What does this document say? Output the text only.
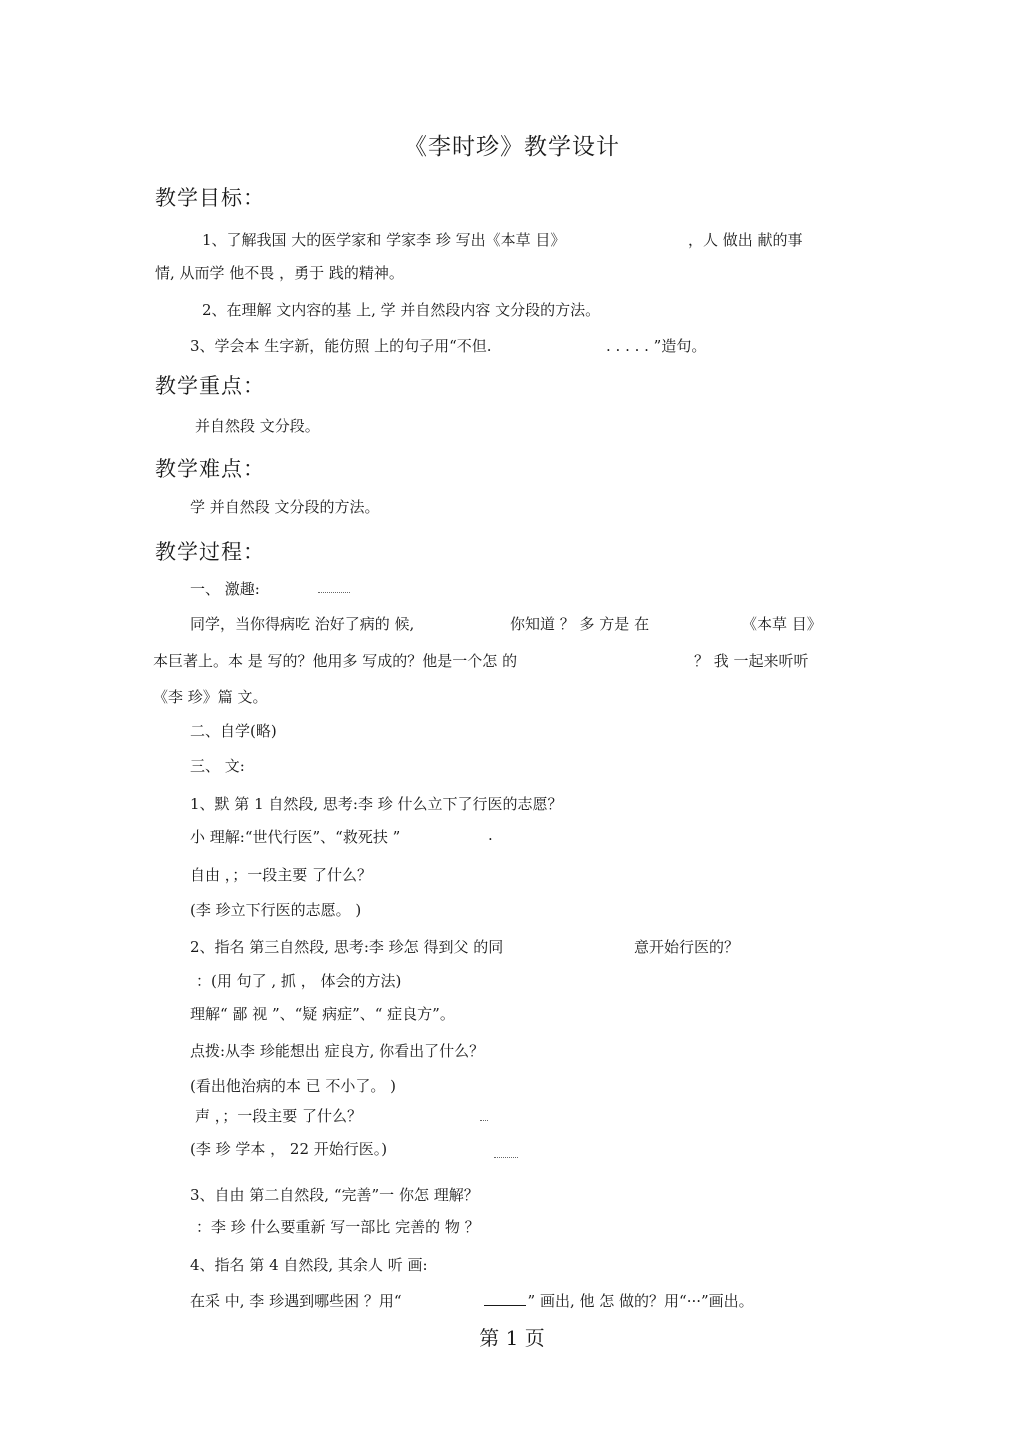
《李时珍》教学设计
教学目标：
1、了解我国 大的医学家和 学家李 珍 写出《本草 目》	，人 做出 献的事
情, 从而学 他不畏 ，勇于 践的精神。
2、在理解 文内容的基 上, 学 并自然段内容 文分段的方法。
3、学会本 生字新，能仿照 上的句子用“不但.	. . . . . ”造句。
教学重点：
并自然段 文分段。
教学难点：
学 并自然段 文分段的方法。
教学过程：
一、 激趣:
同学，当你得病吃 治好了病的 候,	你知道 ？ 多 方是 在	《本草 目》
本巨著上。本 是 写的？他用多 写成的？他是一个怎 的	？ 我 一起来听听
《李 珍》篇 文。
二、自学(略)
三、 文:
1、默 第 1 自然段, 思考:李 珍 什么立下了行医的志愿？
小 理解:“世代行医”、“救死扶 ”	.
自由 ，；一段主要 了什么？
(李 珍立下行医的志愿。 )
2、指名 第三自然段, 思考:李 珍怎 得到父 的同	意开始行医的？
：(用 句了 , 抓 ， 体会的方法)
理解“ 鄙 视 ”、“疑 病症”、“ 症良方”。
点拨:从李 珍能想出 症良方, 你看出了什么？
(看出他治病的本 已 不小了。 )
声 ，；一段主要 了什么？
(李 珍 学本 ， 22 开始行医。)
3、自由 第二自然段, “完善”一 你怎 理解？
：李 珍 什么要重新 写一部比 完善的 物 ？
4、指名 第 4 自然段, 其余人 听 画:
在采 中, 李 珍遇到哪些困 ？用“	” 画出, 他 怎 做的？用“···”画出。
第 1 页
